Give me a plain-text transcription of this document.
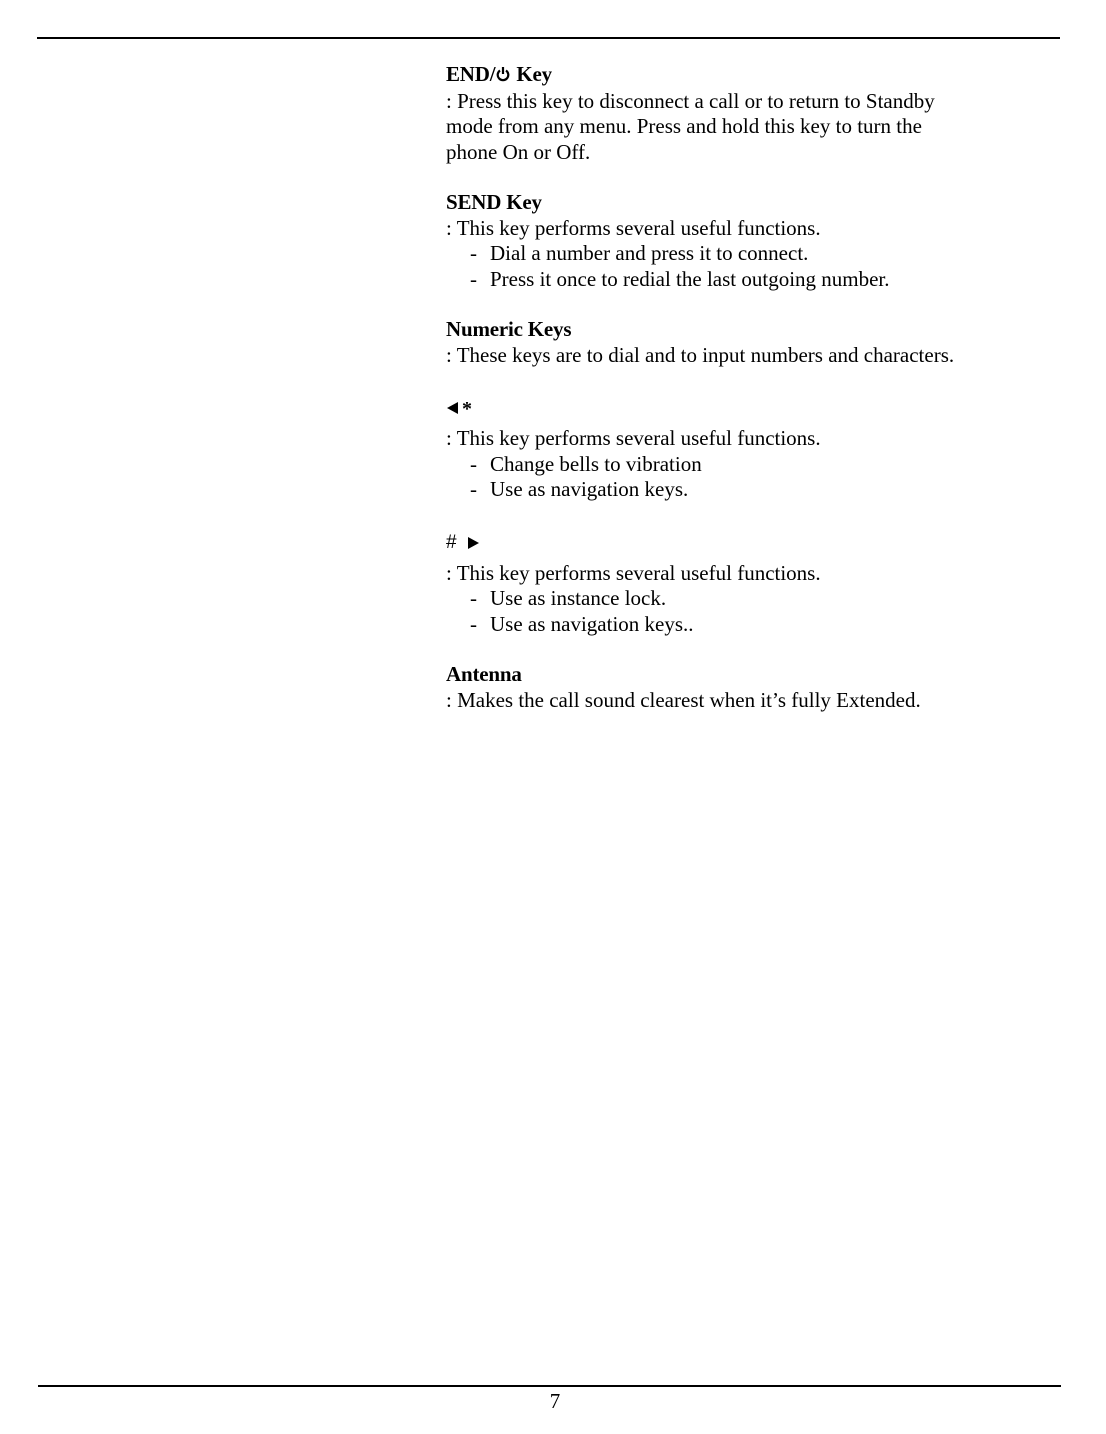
END/ Key
: Press this key to disconnect a call or to return to Standby mode from any menu. Press and hold this key to turn the phone On or Off.
SEND Key
: This key performs several useful functions.
- Dial a number and press it to connect.
- Press it once to redial the last outgoing number.
Numeric Keys
: These keys are to dial and to input numbers and characters.
*
: This key performs several useful functions.
- Change bells to vibration
- Use as navigation keys.
#
: This key performs several useful functions.
- Use as instance lock.
- Use as navigation keys..
Antenna
: Makes the call sound clearest when it’s fully Extended.
7
